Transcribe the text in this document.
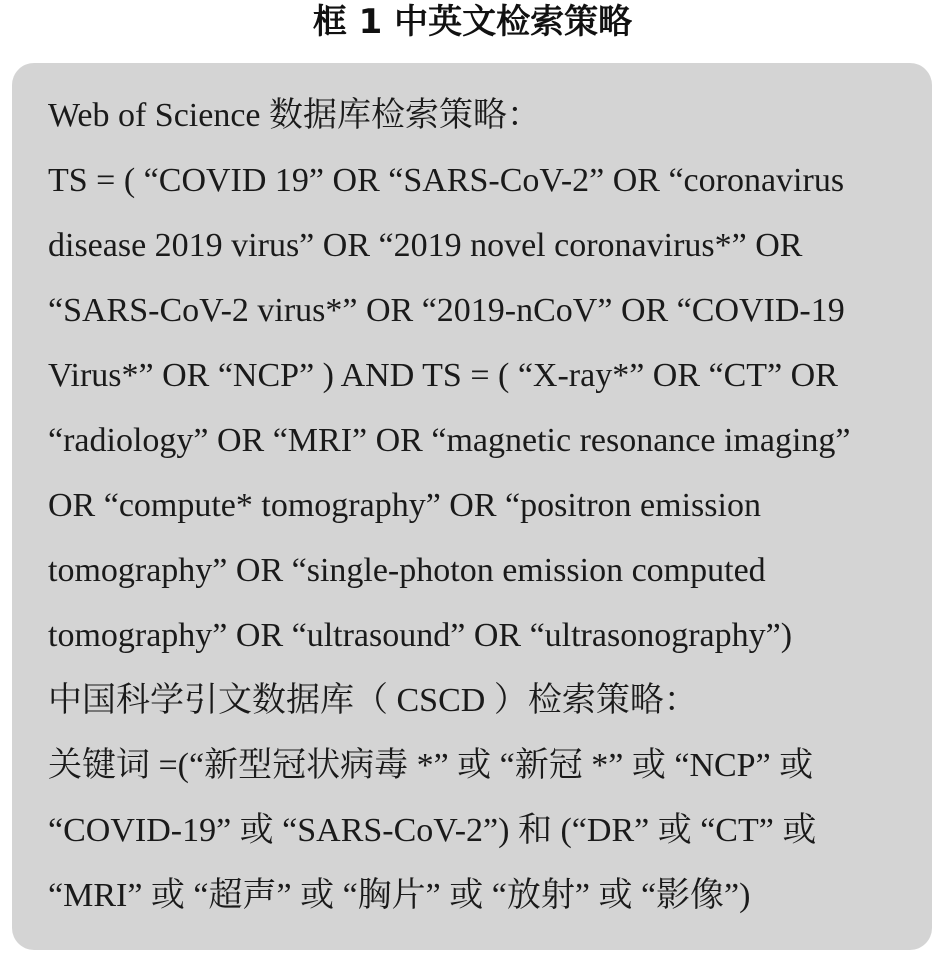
框 1 中英文检索策略
Web of Science 数据库检索策略：
TS = ( “COVID 19” OR “SARS-CoV-2” OR “coronavirus
disease 2019 virus” OR “2019 novel coronavirus*” OR
“SARS-CoV-2 virus*” OR “2019-nCoV” OR “COVID-19
Virus*” OR “NCP” ) AND TS = ( “X-ray*” OR “CT” OR
“radiology” OR “MRI” OR “magnetic resonance imaging”
OR “compute* tomography” OR “positron emission
tomography” OR “single-photon emission computed
tomography” OR “ultrasound” OR “ultrasonography”)
中国科学引文数据库（ CSCD ）检索策略：
关键词 =(“新型冠状病毒 *” 或 “新冠 *” 或 “NCP” 或
“COVID-19” 或 “SARS-CoV-2”) 和 (“DR” 或 “CT” 或
“MRI” 或 “超声” 或 “胸片” 或 “放射” 或 “影像”)
